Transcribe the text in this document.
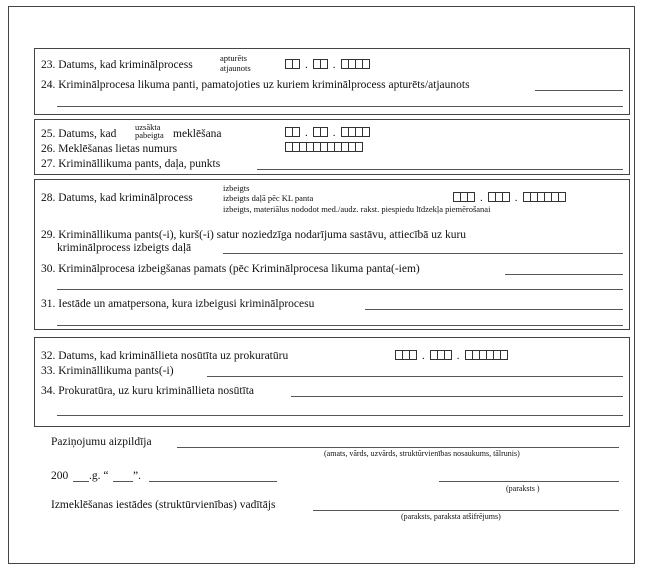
23. Datums, kad kriminālprocess
apturēts
atjaunots	. .
24. Kriminālprocesa likuma panti, pamatojoties uz kuriem kriminālprocess apturēts/atjaunots
25. Datums, kad
uzsākta
pabeigta meklēšana	. .
26. Meklēšanas lietas numurs
27. Krimināllikuma pants, daļa, punkts
28. Datums, kad kriminālprocess
izbeigts
izbeigts daļā pēc KL panta
izbeigts, materiālus nododot med./audz. rakst. piespiedu līdzekļa piemērošanai
.	.
29. Krimināllikuma pants(-i), kurš(-i) satur noziedzīga nodarījuma sastāvu, attiecībā uz kuru
kriminālprocess izbeigts daļā
30. Kriminālprocesa izbeigšanas pamats (pēc Kriminālprocesa likuma panta(-iem)
31. Iestāde un amatpersona, kura izbeigusi kriminālprocesu
32. Datums, kad krimināllieta nosūtīta uz prokuratūru	.	.
33. Krimināllikuma pants(-i)
34. Prokuratūra, uz kuru krimināllieta nosūtīta
Paziņojumu aizpildīja
(amats, vārds, uzvārds, struktūrvienības nosaukums, tālrunis)
200 .g. “ ”.
(paraksts )
Izmeklēšanas iestādes (struktūrvienības) vadītājs
(paraksts, paraksta atšifrējums)
